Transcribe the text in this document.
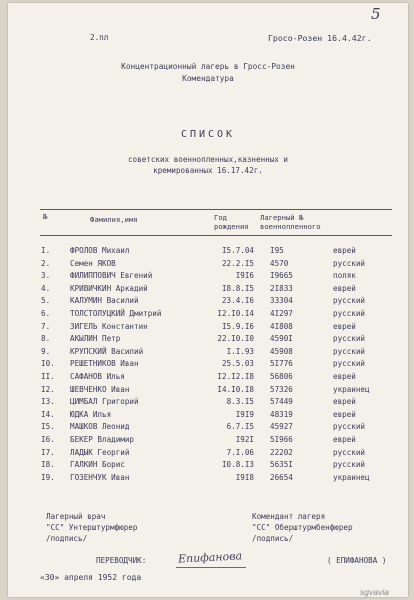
2.пл	Гросо-Розен 16.4.42г.
5
Концентрационный лагерь в Гросс-Розен
Комендатура
СПИСОК
советских военнопленных,казненных и
кремированных 16.17.42г.
№	Фамилия,имя	Год
рождения
Лагерный №
военнопленного
I.	ФРОЛОВ Михаил	I5.7.04 I95	еврей
2.	Семен ЯКОВ	22.2.I5 4570	русский
3.	ФИЛИППОВИЧ Евгений	I9I6 I9665	поляк
4.	КРИВИЧКИН Аркадий	I8.8.I5 2I833	еврей
5.	КАЛУМИН Василий	23.4.I6 33304	русский
6.	ТОЛСТОЛУЦКИЙ Дмитрий	I2.I0.I4 4I297	русский
7.	ЗИГЕЛЬ Константин	I5.9.I6 4I808	еврей
8.	АКЫЛИН Петр	22.I0.I0 4590I	русский
9.	КРУПСКИЙ Василий	I.I.93 45908	русский
I0.	РЕШЕТНИКОВ Иван	25.5.03 5I776	русский
II.	САФАНОВ Илья	I2.I2.I8 56806	еврей
I2.	ШЕВЧЕНКО Иван	I4.I0.I8 57326	украинец
I3.	ЦИМБАЛ Григорий	8.3.I5 57449	еврей
I4.	ЮДКА Илья	I9I9 48319	еврей
I5.	МАШКОВ Леонид	6.7.I5 45927	русский
I6.	БЕКЕР Владимир	I92I 5I966	еврей
I7.	ЛАДЫК Георгий	7.I.06 22202	русский
I8.	ГАЛКИН Борис	I0.8.I3 5635I	русский
I9.	ГОЗЕНЧУК Иван	I9I8 26654	украинец
Лагерный врач
"СС" Унтерштурмфюрер
/подпись/
Комендант лагеря
"СС" Оберштурмбенфюрер
/подпись/
ПЕРЕВОДЧИК:	Епифанова	( ЕПИФАНОВА )
«30» апреля 1952 года
sgvavia
